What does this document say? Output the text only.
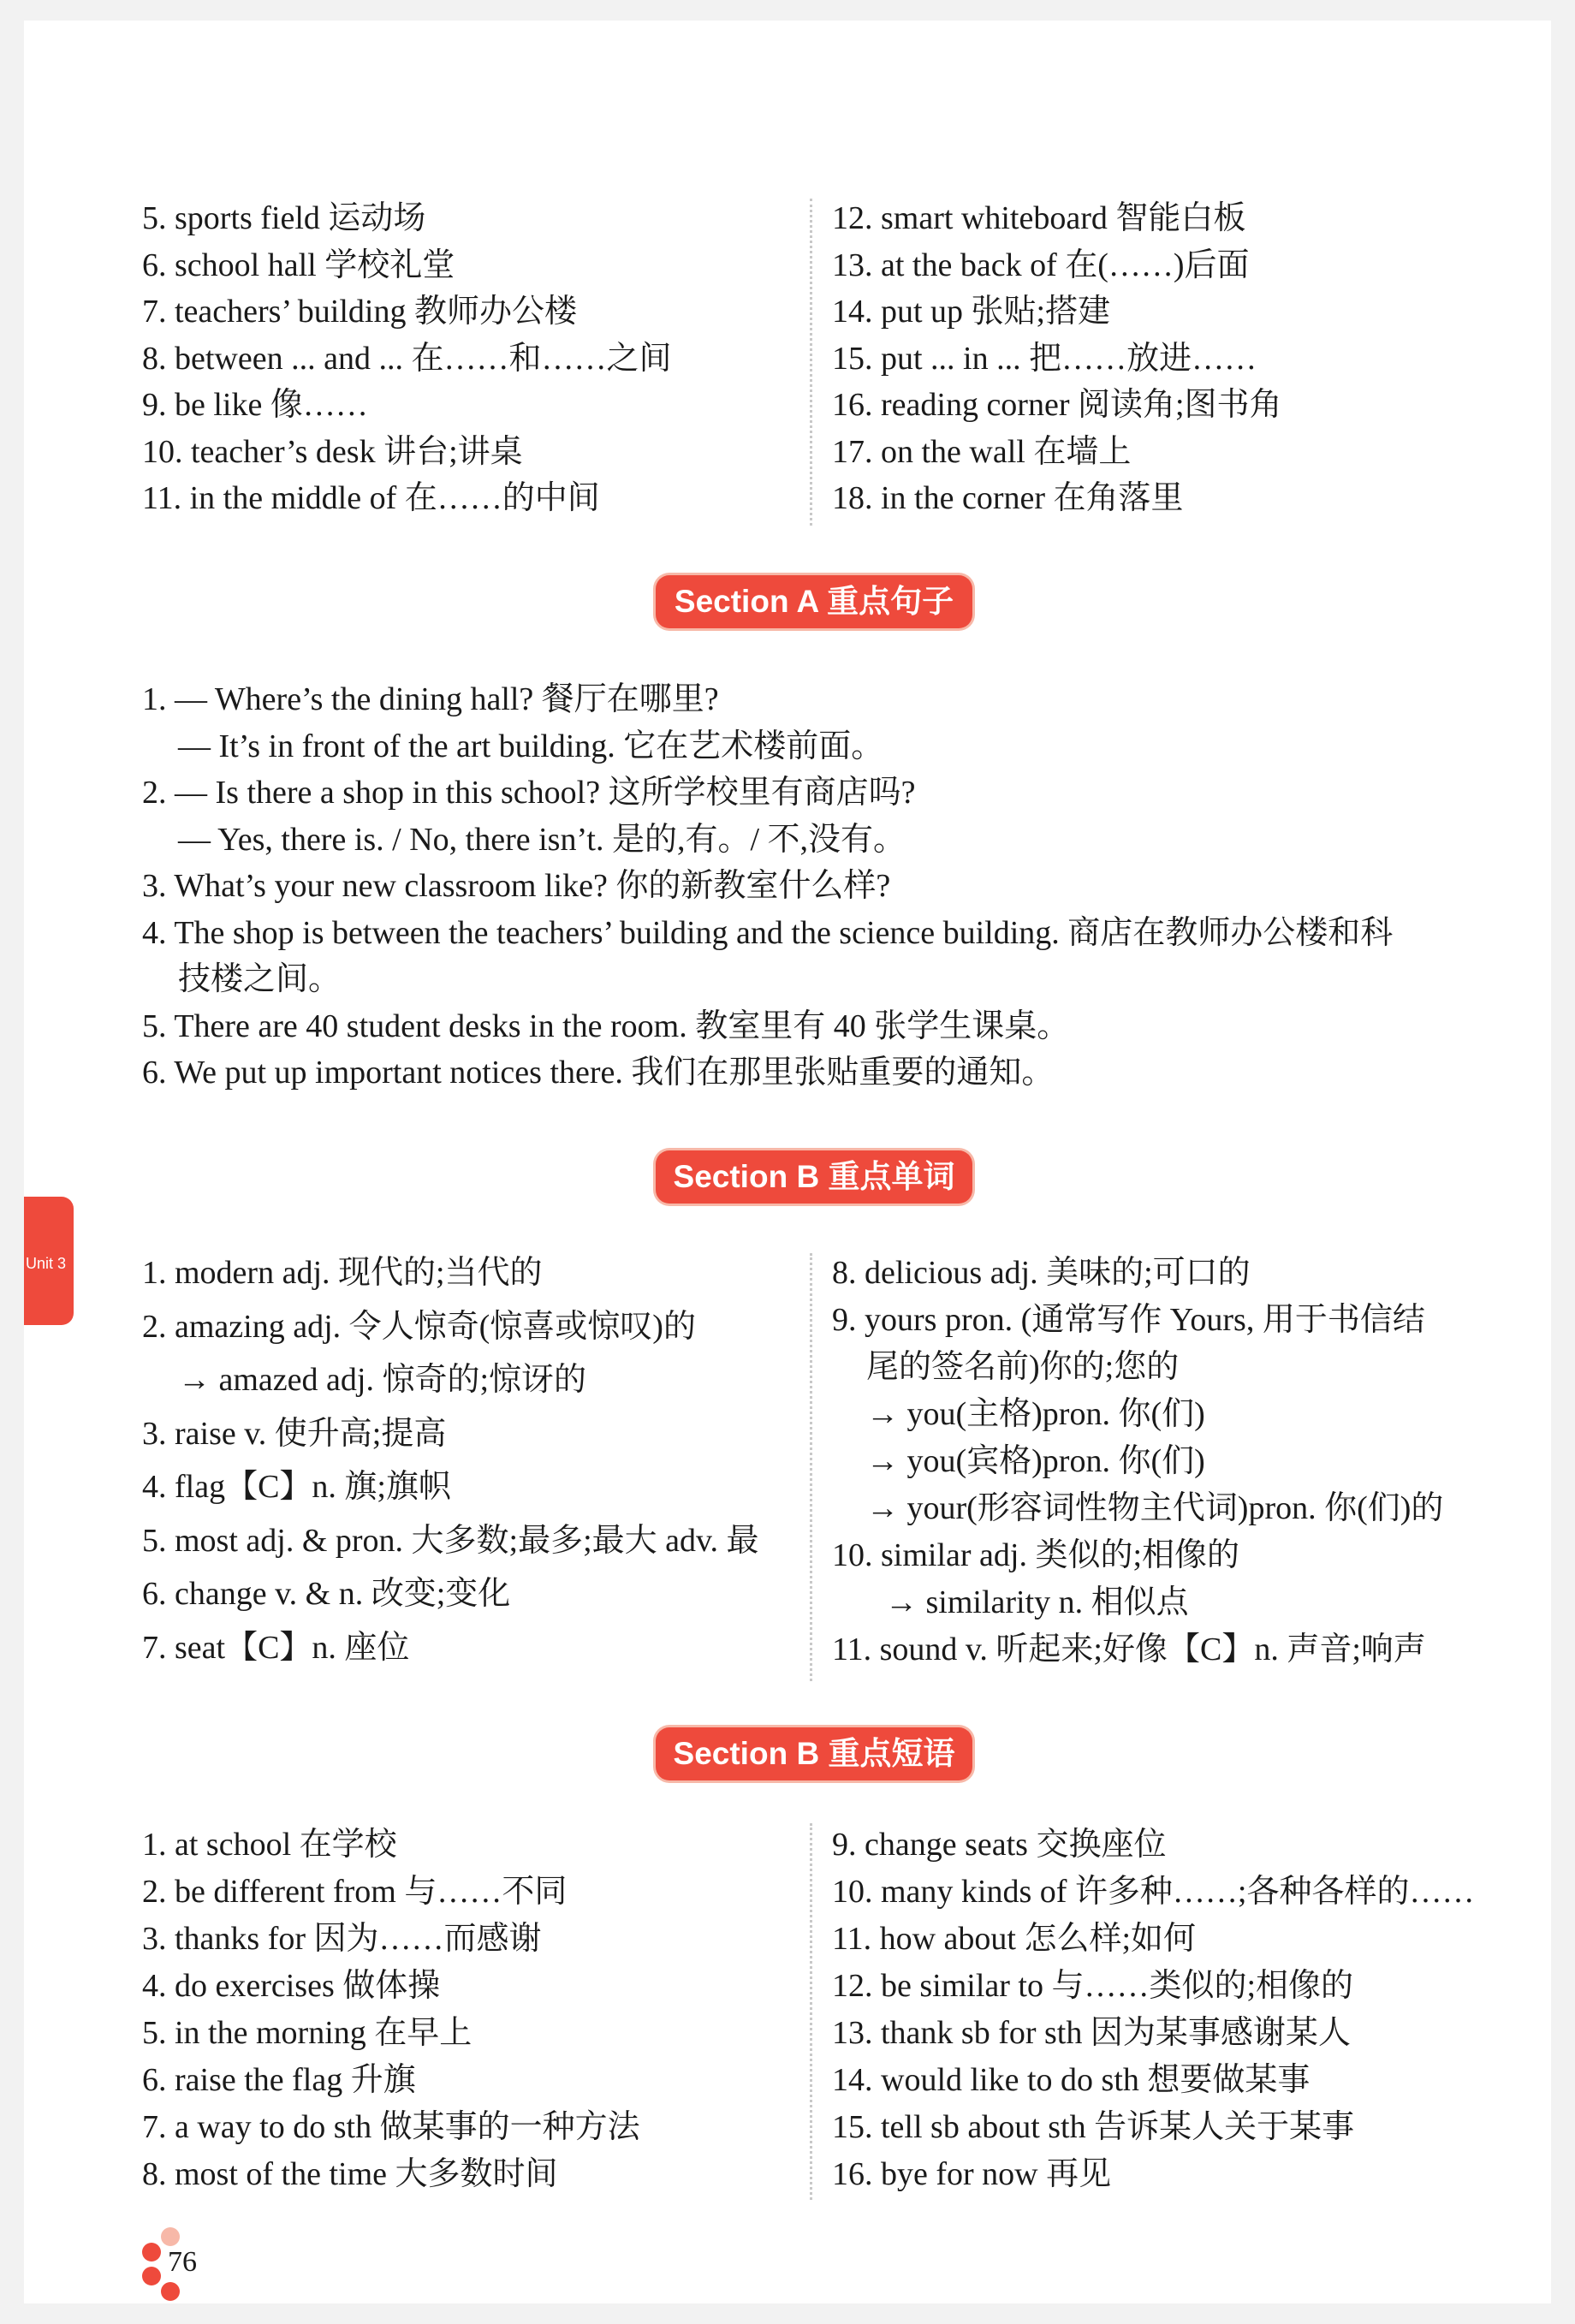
5. sports field 运动场
6. school hall 学校礼堂
7. teachers’ building 教师办公楼
8. between ... and ... 在……和……之间
9. be like 像……
10. teacher’s desk 讲台;讲桌
11. in the middle of 在……的中间
12. smart whiteboard 智能白板
13. at the back of 在(……)后面
14. put up 张贴;搭建
15. put ... in ... 把……放进……
16. reading corner 阅读角;图书角
17. on the wall 在墙上
18. in the corner 在角落里
Section A 重点句子
1. — Where’s the dining hall? 餐厅在哪里?
— It’s in front of the art building. 它在艺术楼前面。
2. — Is there a shop in this school? 这所学校里有商店吗?
— Yes, there is. / No, there isn’t. 是的,有。/ 不,没有。
3. What’s your new classroom like? 你的新教室什么样?
4. The shop is between the teachers’ building and the science building. 商店在教师办公楼和科
技楼之间。
5. There are 40 student desks in the room. 教室里有 40 张学生课桌。
6. We put up important notices there. 我们在那里张贴重要的通知。
Section B 重点单词
1. modern adj. 现代的;当代的
2. amazing adj. 令人惊奇(惊喜或惊叹)的
→ amazed adj. 惊奇的;惊讶的
3. raise v. 使升高;提高
4. flag【C】n. 旗;旗帜
5. most adj. & pron. 大多数;最多;最大 adv. 最
6. change v. & n. 改变;变化
7. seat【C】n. 座位
8. delicious adj. 美味的;可口的
9. yours pron. (通常写作 Yours, 用于书信结
尾的签名前)你的;您的
→ you(主格)pron. 你(们)
→ you(宾格)pron. 你(们)
→ your(形容词性物主代词)pron. 你(们)的
10. similar adj. 类似的;相像的
→ similarity n. 相似点
11. sound v. 听起来;好像【C】n. 声音;响声
Section B 重点短语
1. at school 在学校
2. be different from 与……不同
3. thanks for 因为……而感谢
4. do exercises 做体操
5. in the morning 在早上
6. raise the flag 升旗
7. a way to do sth 做某事的一种方法
8. most of the time 大多数时间
9. change seats 交换座位
10. many kinds of 许多种……;各种各样的……
11. how about 怎么样;如何
12. be similar to 与……类似的;相像的
13. thank sb for sth 因为某事感谢某人
14. would like to do sth 想要做某事
15. tell sb about sth 告诉某人关于某事
16. bye for now 再见
Unit 3
76
